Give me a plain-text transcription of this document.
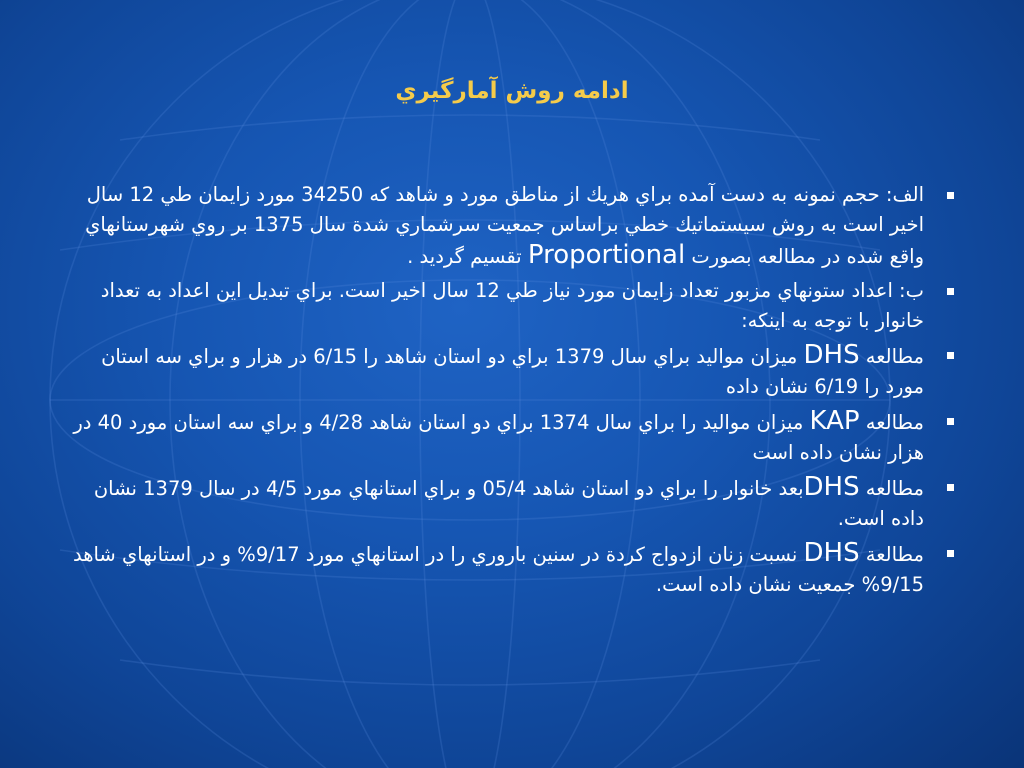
ادامه روش آمارگيري
الف: حجم نمونه به دست آمده براي هريك از مناطق مورد و شاهد كه 34250 مورد زايمان طي 12 سال اخير است به روش سيستماتيك خطي براساس جمعيت سرشماري شدة سال 1375 بر روي شهرستانهاي واقع شده در مطالعه بصورت Proportional تقسيم گرديد .
ب: اعداد ستونهاي مزبور تعداد زايمان مورد نياز طي 12 سال اخير است. براي تبديل اين اعداد به تعداد خانوار با توجه به اينكه:
مطالعه DHS ميزان مواليد براي سال 1379 براي دو استان شاهد را 6/15 در هزار و براي سه استان مورد را 6/19 نشان داده
مطالعه KAP ميزان مواليد را براي سال 1374 براي دو استان شاهد 4/28 و براي سه استان مورد 40 در هزار نشان داده است
مطالعه DHSبعد خانوار را براي دو استان شاهد 05/4 و براي استانهاي مورد 4/5 در سال 1379 نشان داده است.
مطالعة DHS نسبت زنان ازدواج كردة در سنين باروري را در استانهاي مورد 9/17% و در استانهاي شاهد 9/15% جمعيت نشان داده است.
